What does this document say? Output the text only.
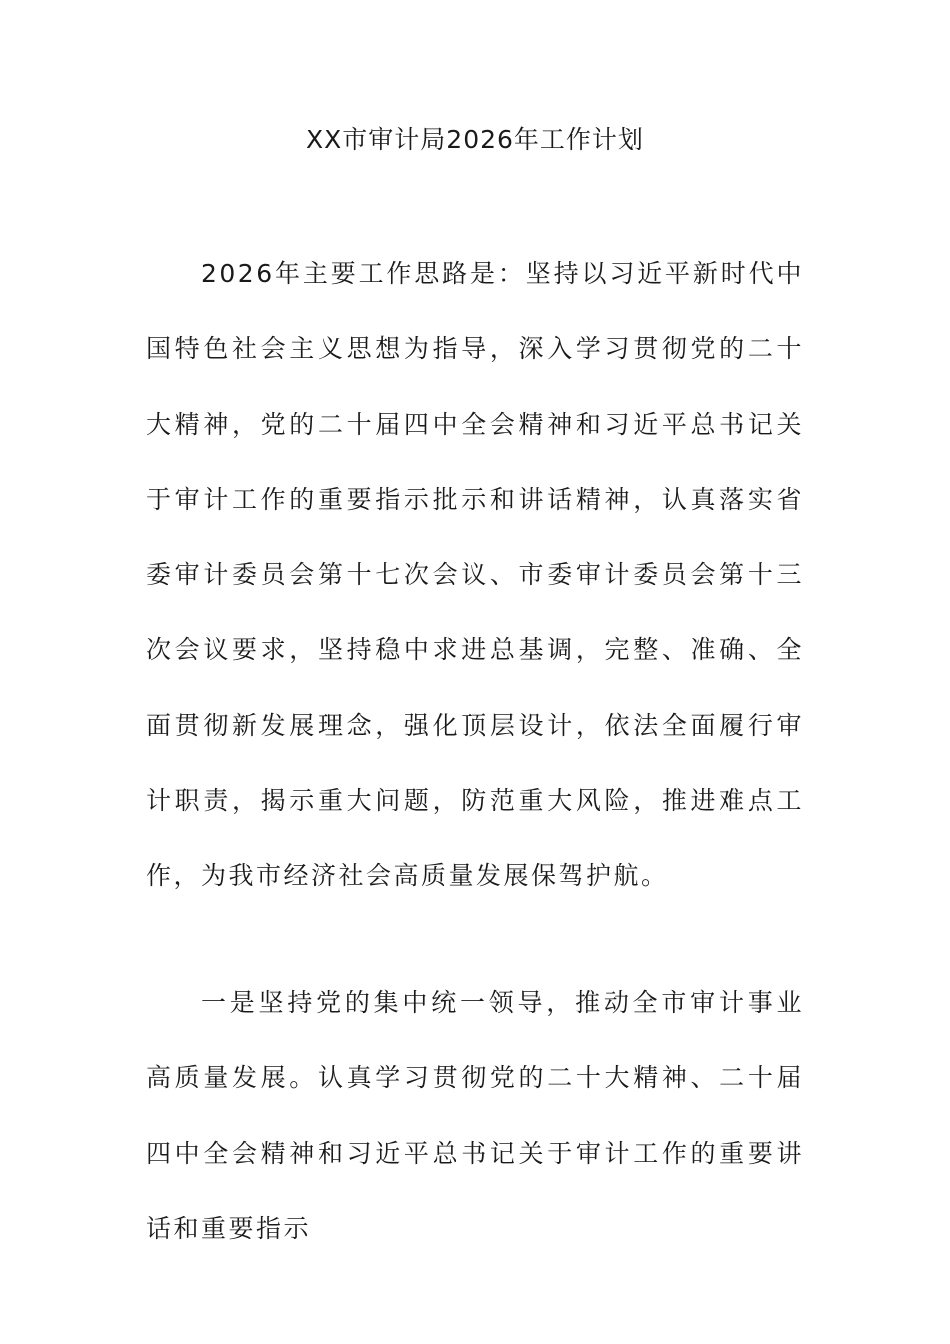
XX市审计局2026年工作计划

2026年主要工作思路是：坚持以习近平新时代中国特色社会主义思想为指导，深入学习贯彻党的二十大精神，党的二十届四中全会精神和习近平总书记关于审计工作的重要指示批示和讲话精神，认真落实省委审计委员会第十七次会议、市委审计委员会第十三次会议要求，坚持稳中求进总基调，完整、准确、全面贯彻新发展理念，强化顶层设计，依法全面履行审计职责，揭示重大问题，防范重大风险，推进难点工作，为我市经济社会高质量发展保驾护航。

一是坚持党的集中统一领导，推动全市审计事业高质量发展。认真学习贯彻党的二十大精神、二十届四中全会精神和习近平总书记关于审计工作的重要讲话和重要指示
